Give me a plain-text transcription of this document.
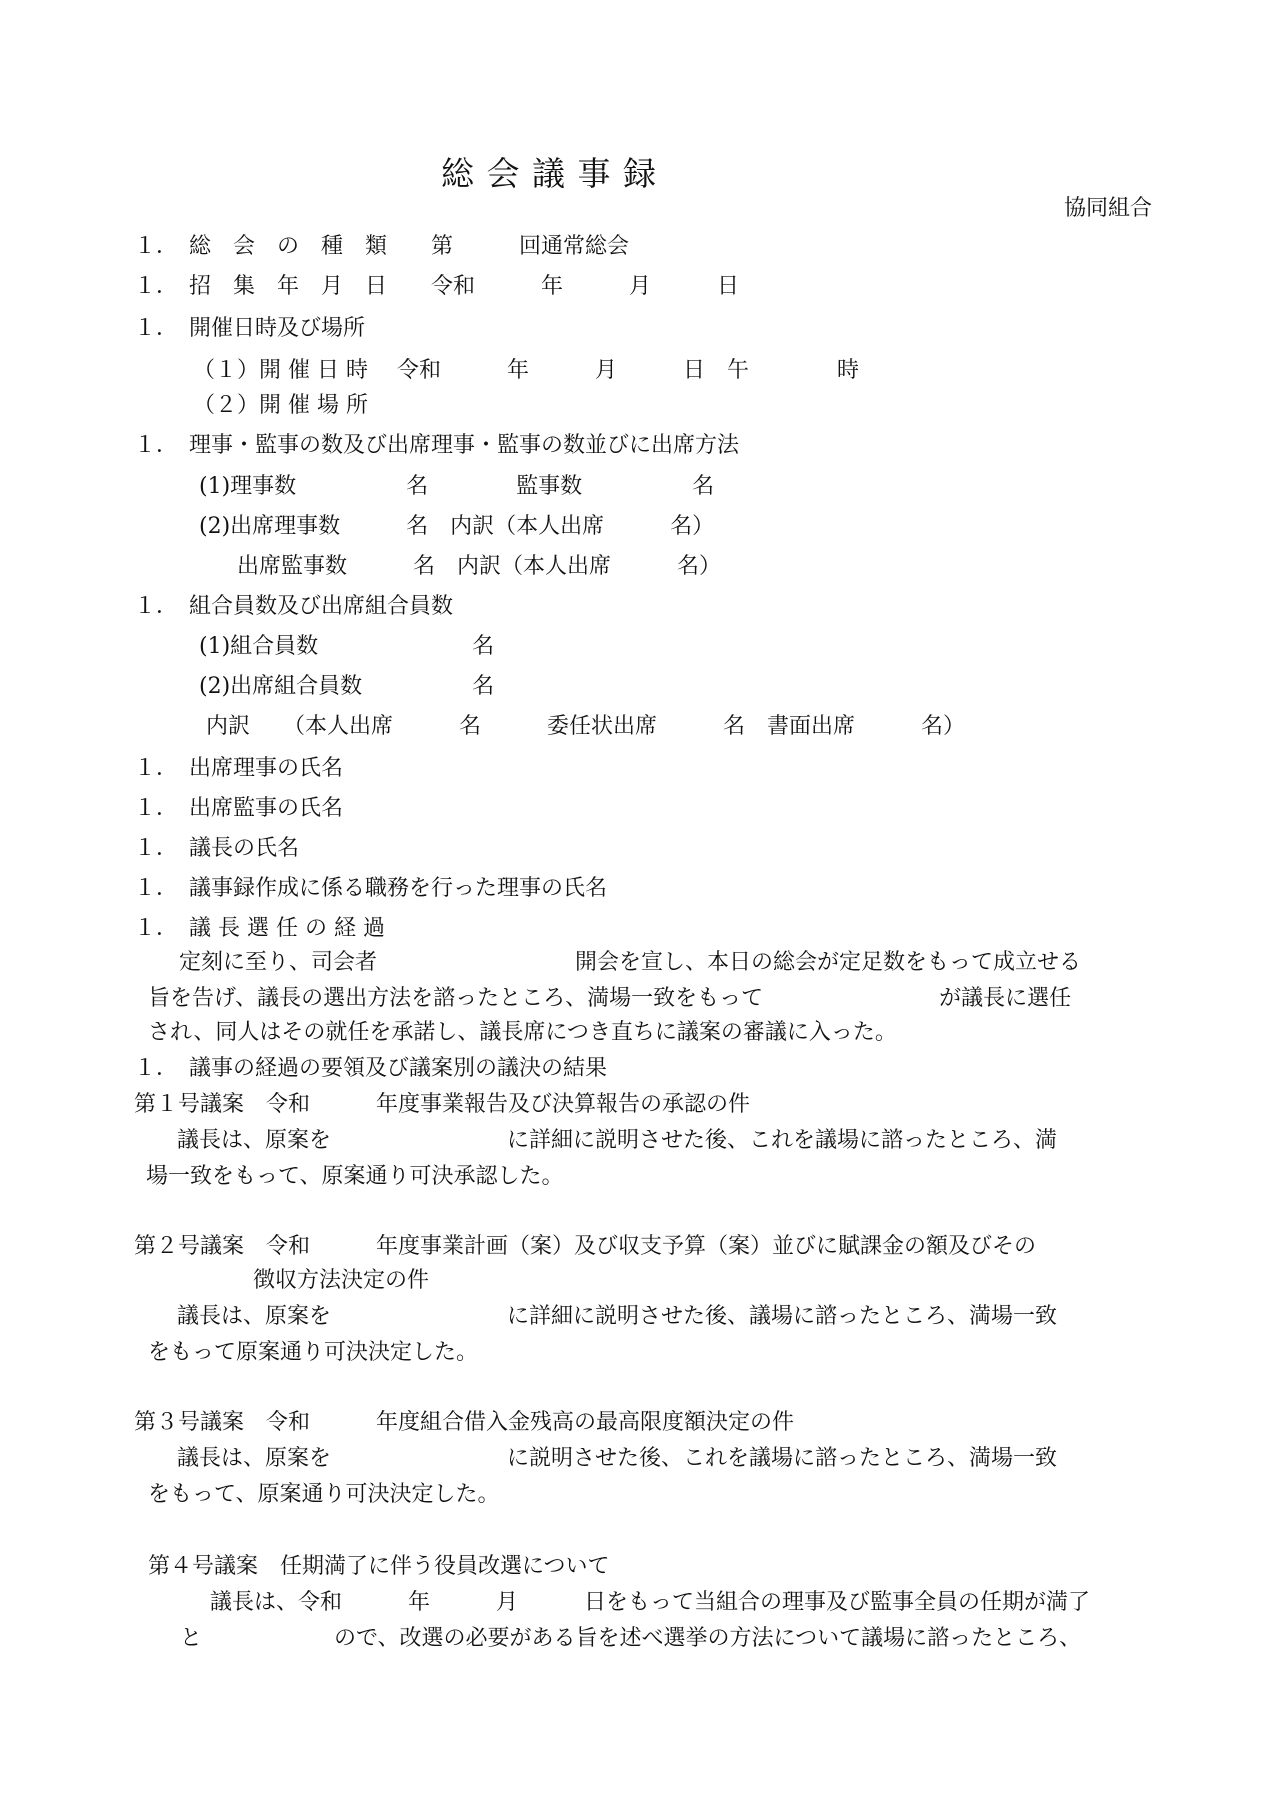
総 会 議 事 録
協同組合
１．　総　会　の　種　類　　第　　　回通常総会
１．　招　集　年　月　日　　令和　　　年　　　月　　　日
１．　開催日時及び場所
（１）開 催 日 時　 令和　　　年　　　月　　　日　午　　　　時
（２）開 催 場 所
１．　理事・監事の数及び出席理事・監事の数並びに出席方法
(1)理事数　　　　　名　　　　監事数　　　　　名
(2)出席理事数　　　名　内訳（本人出席　　　名）
出席監事数　　　名　内訳（本人出席　　　名）
１．　組合員数及び出席組合員数
(1)組合員数　　　　　　　名
(2)出席組合員数　　　　　名
内訳　　（本人出席　　　名　　　委任状出席　　　名　書面出席　　　名）
１．　出席理事の氏名
１．　出席監事の氏名
１．　議長の氏名
１．　議事録作成に係る職務を行った理事の氏名
１．　議 長 選 任 の 経 過
定刻に至り、司会者　　　　　　　　　開会を宣し、本日の総会が定足数をもって成立せる
旨を告げ、議長の選出方法を諮ったところ、満場一致をもって　　　　　　　　が議長に選任
され、同人はその就任を承諾し、議長席につき直ちに議案の審議に入った。
１．　議事の経過の要領及び議案別の議決の結果
第１号議案　令和　　　年度事業報告及び決算報告の承認の件
議長は、原案を　　　　　　　　に詳細に説明させた後、これを議場に諮ったところ、満
場一致をもって、原案通り可決承認した。
第２号議案　令和　　　年度事業計画（案）及び収支予算（案）並びに賦課金の額及びその
徴収方法決定の件
議長は、原案を　　　　　　　　に詳細に説明させた後、議場に諮ったところ、満場一致
をもって原案通り可決決定した。
第３号議案　令和　　　年度組合借入金残高の最高限度額決定の件
議長は、原案を　　　　　　　　に説明させた後、これを議場に諮ったところ、満場一致
をもって、原案通り可決決定した。
第４号議案　任期満了に伴う役員改選について
議長は、令和　　　年　　　月　　　日をもって当組合の理事及び監事全員の任期が満了
と　　　　　　ので、改選の必要がある旨を述べ選挙の方法について議場に諮ったところ、
